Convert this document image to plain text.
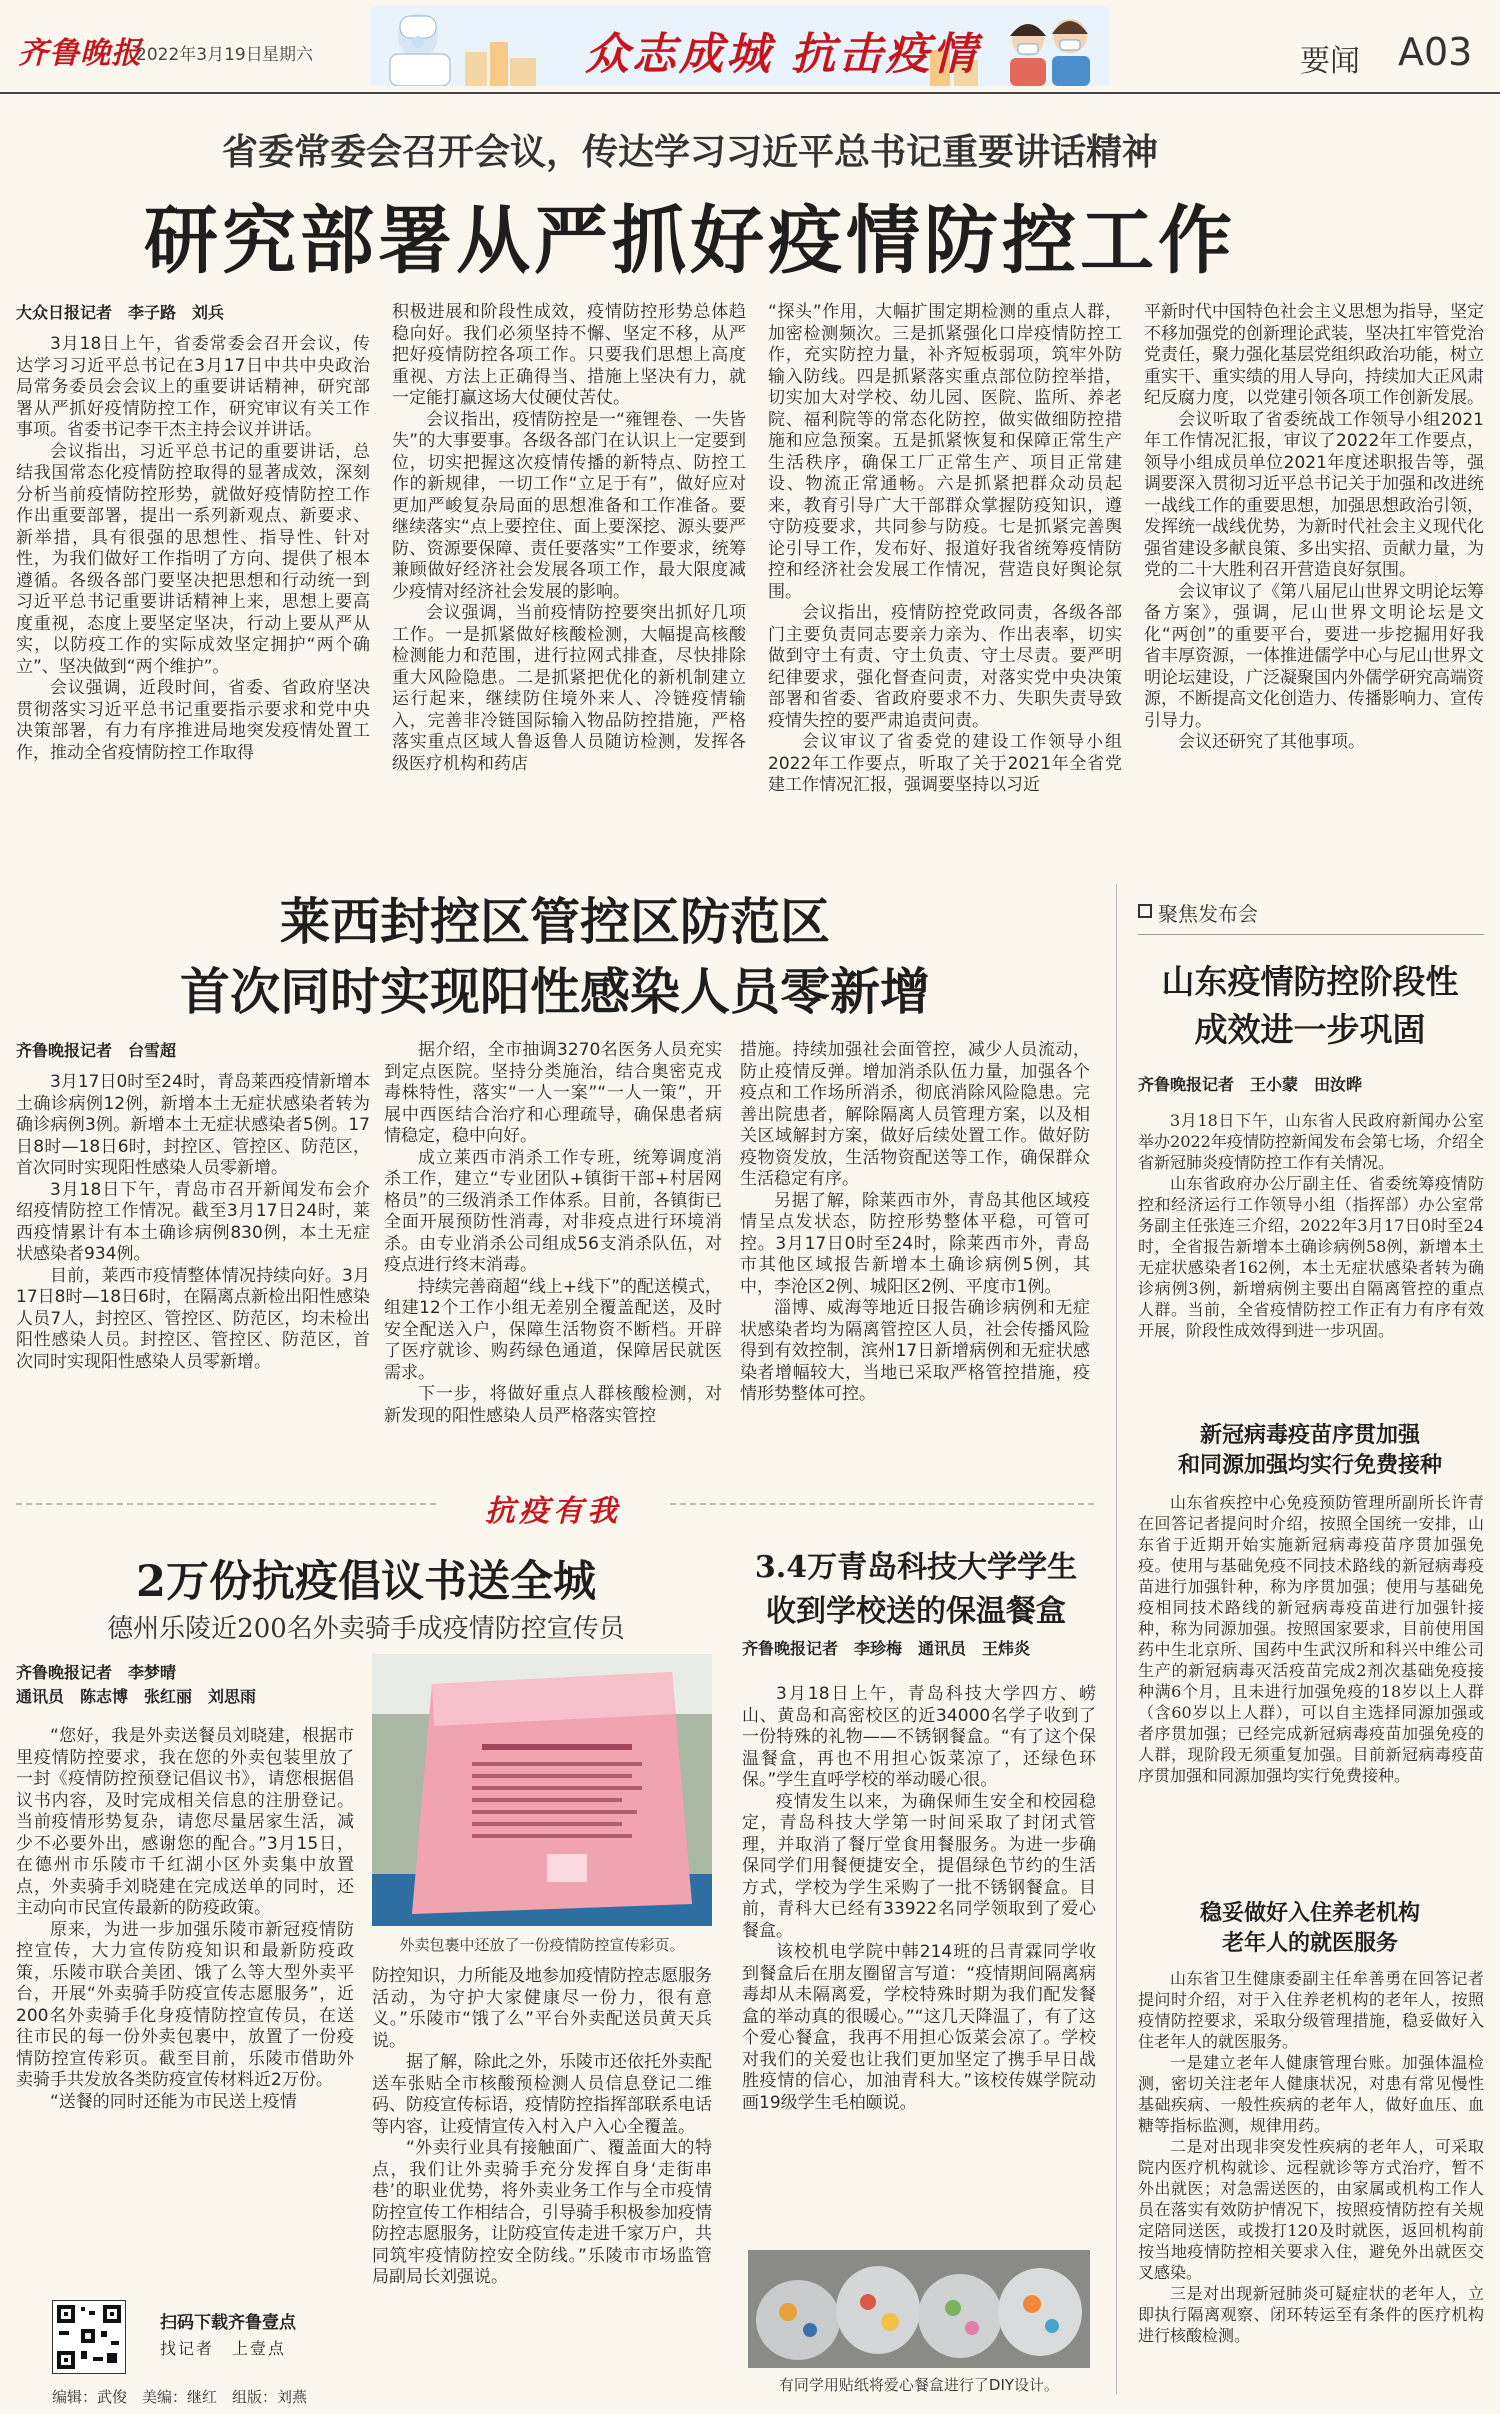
齐鲁晚报
2022年3月19日 星期六	众志成城 抗击疫情	要闻 A03
省委常委会召开会议，传达学习习近平总书记重要讲话精神
研究部署从严抓好疫情防控工作
大众日报记者　李子路　刘兵

3月18日上午，省委常委会召开会议，传达学习习近平总书记在3月17日中共中央政治局常务委员会会议上的重要讲话精神，研究部署从严抓好疫情防控工作，研究审议有关工作事项。省委书记李干杰主持会议并讲话。

会议指出，习近平总书记的重要讲话，总结我国常态化疫情防控取得的显著成效，深刻分析当前疫情防控形势，就做好疫情防控工作作出重要部署，提出一系列新观点、新要求、新举措，具有很强的思想性、指导性、针对性，为我们做好工作指明了方向、提供了根本遵循。各级各部门要坚决把思想和行动统一到习近平总书记重要讲话精神上来，思想上要高度重视，态度上要坚定坚决，行动上要从严从实，以防疫工作的实际成效坚定拥护“两个确立”、坚决做到“两个维护”。

会议强调，近段时间，省委、省政府坚决贯彻落实习近平总书记重要指示要求和党中央决策部署，有力有序推进局地突发疫情处置工作，推动全省疫情防控工作取得

积极进展和阶段性成效，疫情防控形势总体趋稳向好。我们必须坚持不懈、坚定不移，从严把好疫情防控各项工作。只要我们思想上高度重视、方法上正确得当、措施上坚决有力，就一定能打赢这场大仗硬仗苦仗。

会议指出，疫情防控是一“雍锂卷、一失皆失”的大事要事。各级各部门在认识上一定要到位，切实把握这次疫情传播的新特点、防控工作的新规律，一切工作“立足于有”，做好应对更加严峻复杂局面的思想准备和工作准备。要继续落实“点上要控住、面上要深挖、源头要严防、资源要保障、责任要落实”工作要求，统筹兼顾做好经济社会发展各项工作，最大限度减少疫情对经济社会发展的影响。

会议强调，当前疫情防控要突出抓好几项工作。一是抓紧做好核酸检测，大幅提高核酸检测能力和范围，进行拉网式排查，尽快排除重大风险隐患。二是抓紧把优化的新机制建立运行起来，继续防住境外来人、冷链疫情输入，完善非冷链国际输入物品防控措施，严格落实重点区域人鲁返鲁人员随访检测，发挥各级医疗机构和药店

“探头”作用，大幅扩围定期检测的重点人群，加密检测频次。三是抓紧强化口岸疫情防控工作，充实防控力量，补齐短板弱项，筑牢外防输入防线。四是抓紧落实重点部位防控举措，切实加大对学校、幼儿园、医院、监所、养老院、福利院等的常态化防控，做实做细防控措施和应急预案。五是抓紧恢复和保障正常生产生活秩序，确保工厂正常生产、项目正常建设、物流正常通畅。六是抓紧把群众动员起来，教育引导广大干部群众掌握防疫知识，遵守防疫要求，共同参与防疫。七是抓紧完善舆论引导工作，发布好、报道好我省统筹疫情防控和经济社会发展工作情况，营造良好舆论氛围。

会议指出，疫情防控党政同责，各级各部门主要负责同志要亲力亲为、作出表率，切实做到守土有责、守土负责、守土尽责。要严明纪律要求，强化督查问责，对落实党中央决策部署和省委、省政府要求不力、失职失责导致疫情失控的要严肃追责问责。

会议审议了省委党的建设工作领导小组2022年工作要点，听取了关于2021年全省党建工作情况汇报，强调要坚持以习近

平新时代中国特色社会主义思想为指导，坚定不移加强党的创新理论武装，坚决扛牢管党治党责任，聚力强化基层党组织政治功能，树立重实干、重实绩的用人导向，持续加大正风肃纪反腐力度，以党建引领各项工作创新发展。

会议听取了省委统战工作领导小组2021年工作情况汇报，审议了2022年工作要点，领导小组成员单位2021年度述职报告等，强调要深入贯彻习近平总书记关于加强和改进统一战线工作的重要思想，加强思想政治引领，发挥统一战线优势，为新时代社会主义现代化强省建设多献良策、多出实招、贡献力量，为党的二十大胜利召开营造良好氛围。

会议审议了《第八届尼山世界文明论坛筹备方案》，强调，尼山世界文明论坛是文化“两创”的重要平台，要进一步挖掘用好我省丰厚资源，一体推进儒学中心与尼山世界文明论坛建设，广泛凝聚国内外儒学研究高端资源，不断提高文化创造力、传播影响力、宣传引导力。

会议还研究了其他事项。

莱西封控区管控区防范区
首次同时实现阳性感染人员零新增
齐鲁晚报记者　台雪超

3月17日0时至24时，青岛莱西疫情新增本土确诊病例12例，新增本土无症状感染者转为确诊病例3例。新增本土无症状感染者5例。17日8时—18日6时，封控区、管控区、防范区，首次同时实现阳性感染人员零新增。

3月18日下午，青岛市召开新闻发布会介绍疫情防控工作情况。截至3月17日24时，莱西疫情累计有本土确诊病例830例，本土无症状感染者934例。

目前，莱西市疫情整体情况持续向好。3月17日8时—18日6时，在隔离点新检出阳性感染人员7人，封控区、管控区、防范区，均未检出阳性感染人员。封控区、管控区、防范区，首次同时实现阳性感染人员零新增。

据介绍，全市抽调3270名医务人员充实到定点医院。坚持分类施治，结合奥密克戎毒株特性，落实“一人一案”“一人一策”，开展中西医结合治疗和心理疏导，确保患者病情稳定，稳中向好。

成立莱西市消杀工作专班，统筹调度消杀工作，建立“专业团队+镇街干部+村居网格员”的三级消杀工作体系。目前，各镇街已全面开展预防性消毒，对非疫点进行环境消杀。由专业消杀公司组成56支消杀队伍，对疫点进行终末消毒。

持续完善商超“线上+线下”的配送模式，组建12个工作小组无差别全覆盖配送，及时安全配送入户，保障生活物资不断档。开辟了医疗就诊、购药绿色通道，保障居民就医需求。

下一步，将做好重点人群核酸检测，对新发现的阳性感染人员严格落实管控

措施。持续加强社会面管控，减少人员流动，防止疫情反弹。增加消杀队伍力量，加强各个疫点和工作场所消杀，彻底消除风险隐患。完善出院患者，解除隔离人员管理方案，以及相关区域解封方案，做好后续处置工作。做好防疫物资发放，生活物资配送等工作，确保群众生活稳定有序。

另据了解，除莱西市外，青岛其他区域疫情呈点发状态，防控形势整体平稳，可管可控。3月17日0时至24时，除莱西市外，青岛市其他区域报告新增本土确诊病例5例，其中，李沧区2例、城阳区2例、平度市1例。

淄博、威海等地近日报告确诊病例和无症状感染者均为隔离管控区人员，社会传播风险得到有效控制，滨州17日新增病例和无症状感染者增幅较大，当地已采取严格管控措施，疫情形势整体可控。

聚焦发布会
山东疫情防控阶段性
成效进一步巩固
齐鲁晚报记者　王小蒙　田汝晔

3月18日下午，山东省人民政府新闻办公室举办2022年疫情防控新闻发布会第七场，介绍全省新冠肺炎疫情防控工作有关情况。

山东省政府办公厅副主任、省委统筹疫情防控和经济运行工作领导小组（指挥部）办公室常务副主任张连三介绍，2022年3月17日0时至24时，全省报告新增本土确诊病例58例，新增本土无症状感染者162例，本土无症状感染者转为确诊病例3例，新增病例主要出自隔离管控的重点人群。当前，全省疫情防控工作正有力有序有效开展，阶段性成效得到进一步巩固。

新冠病毒疫苗序贯加强
和同源加强均实行免费接种

山东省疾控中心免疫预防管理所副所长许青在回答记者提问时介绍，按照全国统一安排，山东省于近期开始实施新冠病毒疫苗序贯加强免疫。使用与基础免疫不同技术路线的新冠病毒疫苗进行加强针种，称为序贯加强；使用与基础免疫相同技术路线的新冠病毒疫苗进行加强针接种，称为同源加强。按照国家要求，目前使用国药中生北京所、国药中生武汉所和科兴中维公司生产的新冠病毒灭活疫苗完成2剂次基础免疫接种满6个月，且未进行加强免疫的18岁以上人群（含60岁以上人群），可以自主选择同源加强或者序贯加强；已经完成新冠病毒疫苗加强免疫的人群，现阶段无须重复加强。目前新冠病毒疫苗序贯加强和同源加强均实行免费接种。

稳妥做好入住养老机构
老年人的就医服务

山东省卫生健康委副主任牟善勇在回答记者提问时介绍，对于入住养老机构的老年人，按照疫情防控要求，采取分级管理措施，稳妥做好入住老年人的就医服务。

一是建立老年人健康管理台账。加强体温检测，密切关注老年人健康状况，对患有常见慢性基础疾病、一般性疾病的老年人，做好血压、血糖等指标监测，规律用药。

二是对出现非突发性疾病的老年人，可采取院内医疗机构就诊、远程就诊等方式治疗，暂不外出就医；对急需送医的，由家属或机构工作人员在落实有效防护情况下，按照疫情防控有关规定陪同送医，或拨打120及时就医，返回机构前按当地疫情防控相关要求入住，避免外出就医交叉感染。

三是对出现新冠肺炎可疑症状的老年人，立即执行隔离观察、闭环转运至有条件的医疗机构进行核酸检测。

抗疫有我
2万份抗疫倡议书送全城
德州乐陵近200名外卖骑手成疫情防控宣传员
齐鲁晚报记者　李梦晴
通讯员　陈志博　张红丽　刘思雨

“您好，我是外卖送餐员刘晓建，根据市里疫情防控要求，我在您的外卖包装里放了一封《疫情防控预登记倡议书》，请您根据倡议书内容，及时完成相关信息的注册登记。当前疫情形势复杂，请您尽量居家生活，减少不必要外出，感谢您的配合。”3月15日，在德州市乐陵市千红湖小区外卖集中放置点，外卖骑手刘晓建在完成送单的同时，还主动向市民宣传最新的防疫政策。

原来，为进一步加强乐陵市新冠疫情防控宣传，大力宣传防疫知识和最新防疫政策，乐陵市联合美团、饿了么等大型外卖平台，开展“外卖骑手防疫宣传志愿服务”，近200名外卖骑手化身疫情防控宣传员，在送往市民的每一份外卖包裹中，放置了一份疫情防控宣传彩页。截至目前，乐陵市借助外卖骑手共发放各类防疫宣传材料近2万份。

“送餐的同时还能为市民送上疫情

外卖包裹中还放了一份疫情防控宣传彩页。

防控知识，力所能及地参加疫情防控志愿服务活动，为守护大家健康尽一份力，很有意义。”乐陵市“饿了么”平台外卖配送员黄天兵说。

据了解，除此之外，乐陵市还依托外卖配送车张贴全市核酸预检测人员信息登记二维码、防疫宣传标语，疫情防控指挥部联系电话等内容，让疫情宣传入村入户入心全覆盖。

“外卖行业具有接触面广、覆盖面大的特点，我们让外卖骑手充分发挥自身‘走街串巷’的职业优势，将外卖业务工作与全市疫情防控宣传工作相结合，引导骑手积极参加疫情防控志愿服务，让防疫宣传走进千家万户，共同筑牢疫情防控安全防线。”乐陵市市场监管局副局长刘强说。

3.4万青岛科技大学学生
收到学校送的保温餐盒
齐鲁晚报记者　李珍梅　通讯员　王炜炎

3月18日上午，青岛科技大学四方、崂山、黄岛和高密校区的近34000名学子收到了一份特殊的礼物——不锈钢餐盒。“有了这个保温餐盒，再也不用担心饭菜凉了，还绿色环保。”学生直呼学校的举动暖心很。

疫情发生以来，为确保师生安全和校园稳定，青岛科技大学第一时间采取了封闭式管理，并取消了餐厅堂食用餐服务。为进一步确保同学们用餐便捷安全，提倡绿色节约的生活方式，学校为学生采购了一批不锈钢餐盒。目前，青科大已经有33922名同学领取到了爱心餐盒。

该校机电学院中韩214班的吕青霖同学收到餐盒后在朋友圈留言写道：“疫情期间隔离病毒却从未隔离爱，学校特殊时期为我们配发餐盒的举动真的很暖心。”“这几天降温了，有了这个爱心餐盒，我再不用担心饭菜会凉了。学校对我们的关爱也让我们更加坚定了携手早日战胜疫情的信心，加油青科大。”该校传媒学院动画19级学生毛柏颐说。

有同学用贴纸将爱心餐盒进行了DIY设计。
扫码下载齐鲁壹点
找记者　上壹点
编辑：武俊　美编：继红　组版：刘燕
